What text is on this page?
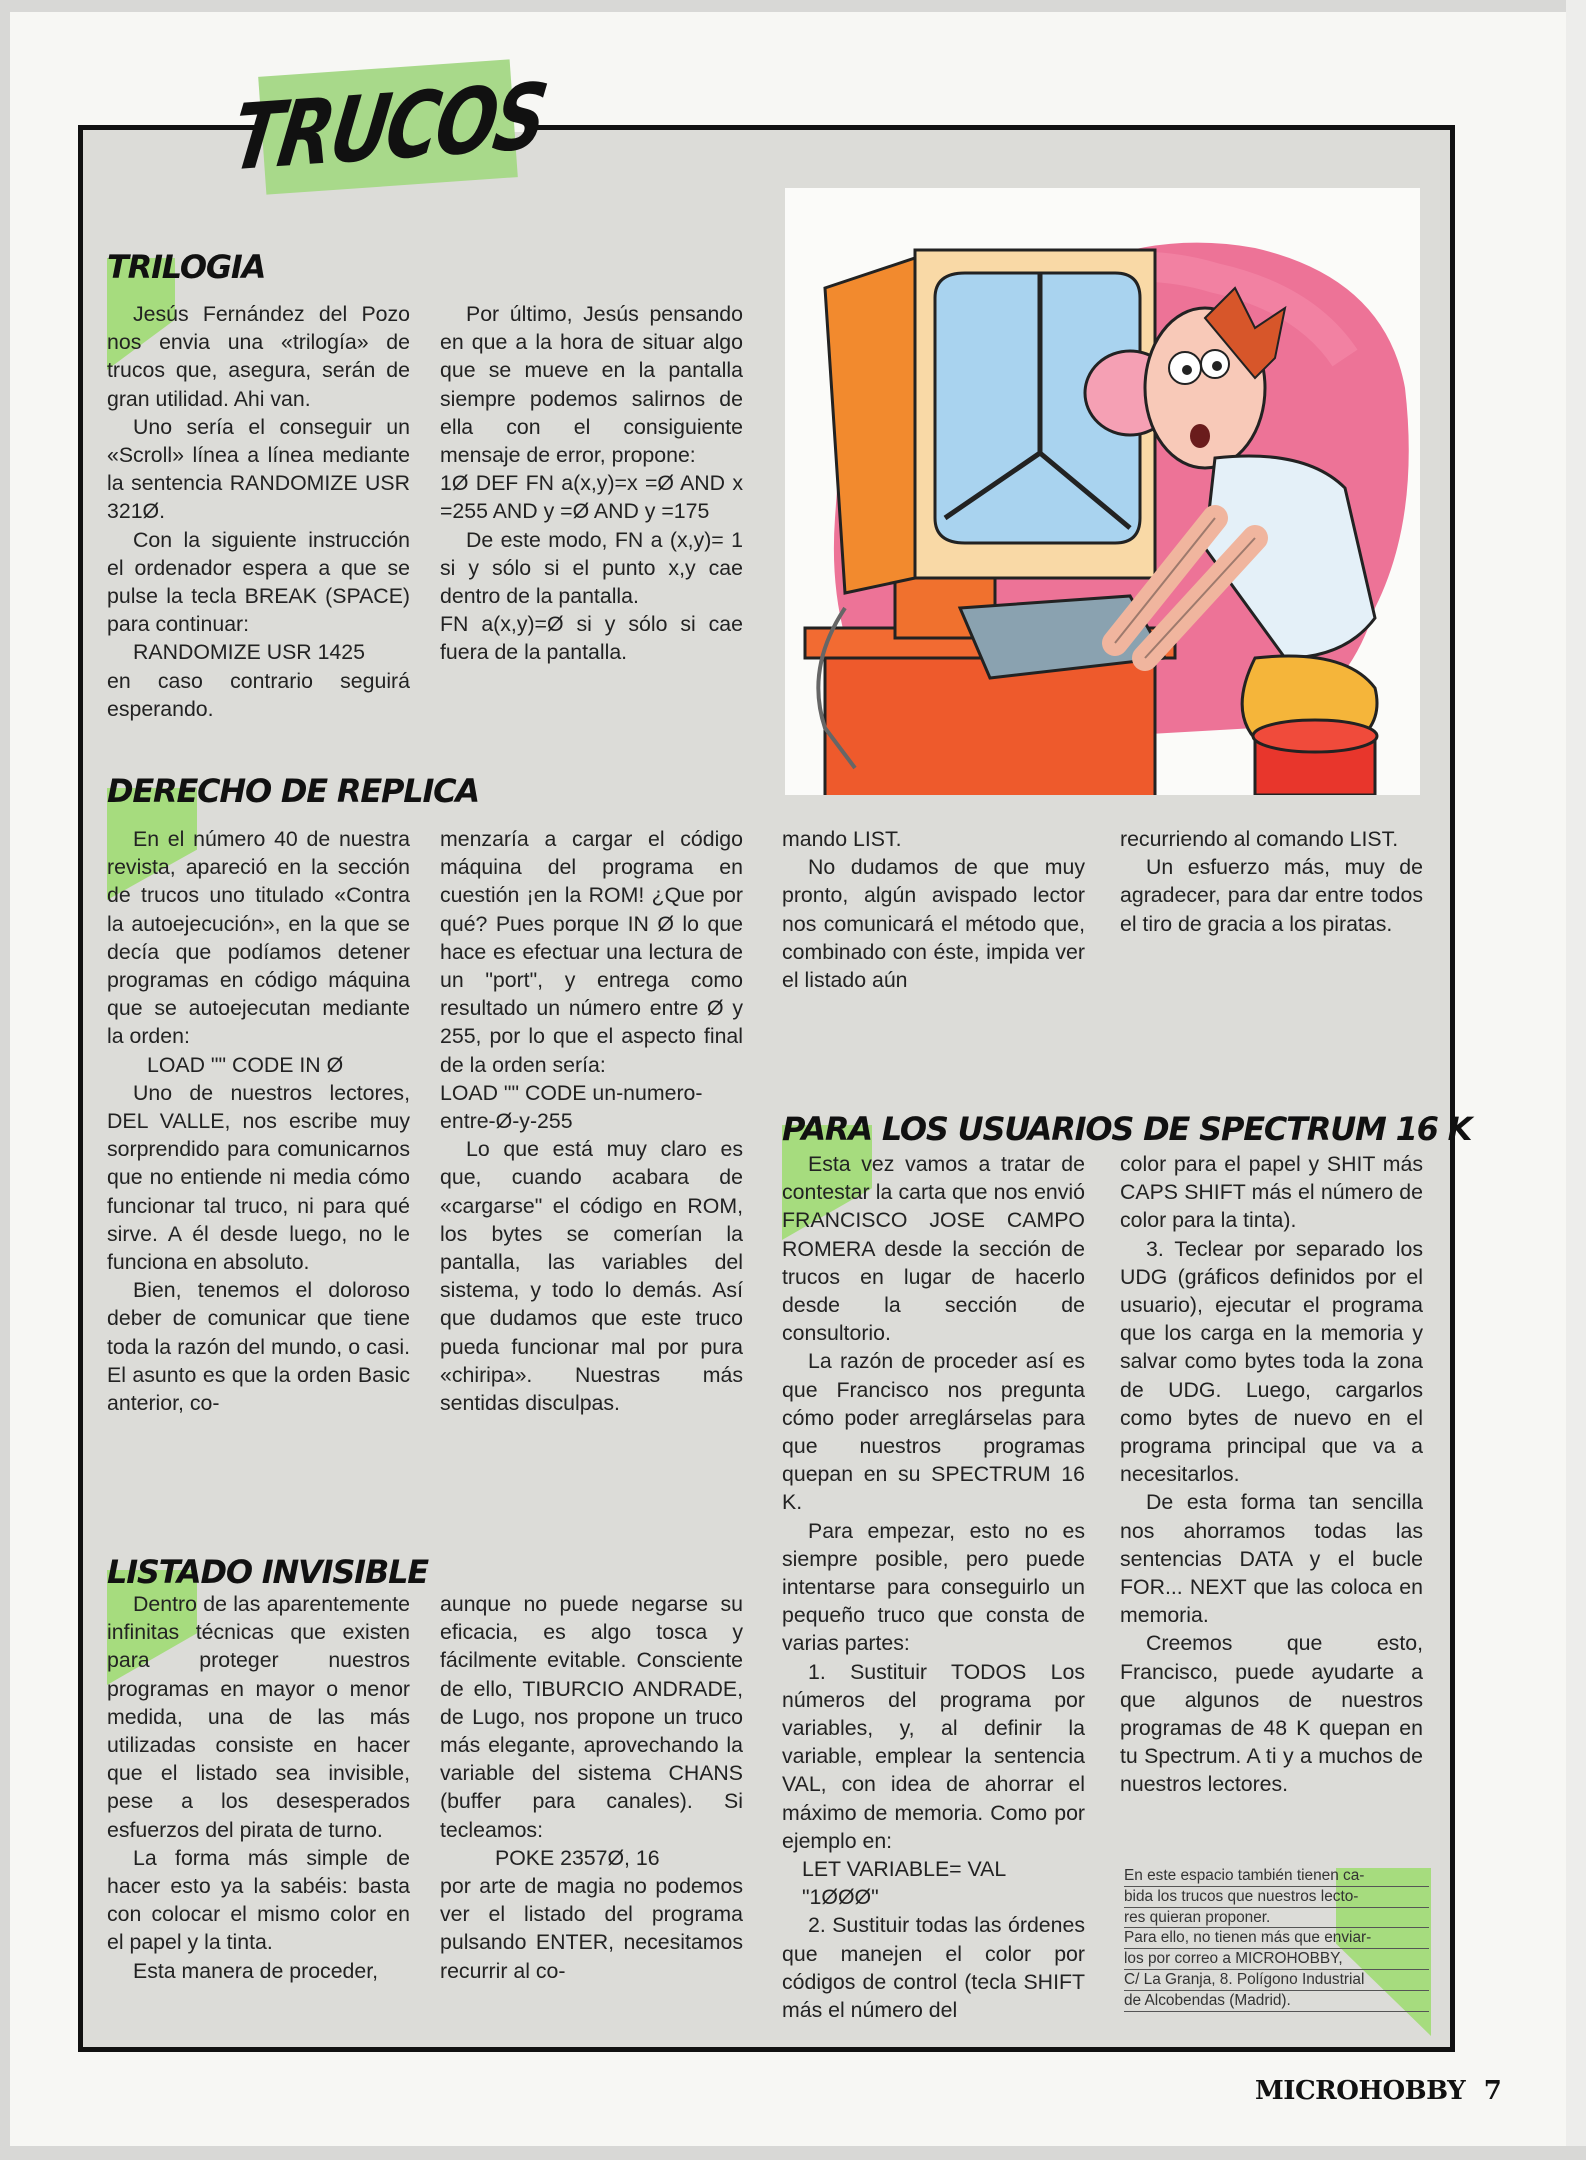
TRUCOS
TRILOGIA

Jesús Fernández del Pozo nos envia una «trilogía» de trucos que, asegura, serán de gran utilidad. Ahi van.

Uno sería el conseguir un «Scroll» línea a línea mediante la sentencia RANDOMIZE USR 321Ø.

Con la siguiente instrucción el ordenador espera a que se pulse la tecla BREAK (SPACE) para continuar:

RANDOMIZE USR 1425

en caso contrario seguirá esperando.

Por último, Jesús pensando en que a la hora de situar algo que se mueve en la pantalla siempre podemos salirnos de ella con el consiguiente mensaje de error, propone:

1Ø DEF FN a(x,y)=x =Ø AND x =255 AND y =Ø AND y =175

De este modo, FN a (x,y)= 1 si y sólo si el punto x,y cae dentro de la pantalla.

FN a(x,y)=Ø si y sólo si cae fuera de la pantalla.

DERECHO DE REPLICA

En el número 40 de nuestra revista, apareció en la sección de trucos uno titulado «Contra la autoejecución», en la que se decía que podíamos detener programas en código máquina que se autoejecutan mediante la orden:

LOAD "" CODE IN Ø

Uno de nuestros lectores, DEL VALLE, nos escribe muy sorprendido para comunicarnos que no entiende ni media cómo funcionar tal truco, ni para qué sirve. A él desde luego, no le funciona en absoluto.

Bien, tenemos el doloroso deber de comunicar que tiene toda la razón del mundo, o casi. El asunto es que la orden Basic anterior, co-

menzaría a cargar el código máquina del programa en cuestión ¡en la ROM! ¿Que por qué? Pues porque IN Ø lo que hace es efectuar una lectura de un "port", y entrega como resultado un número entre Ø y 255, por lo que el aspecto final de la orden sería:

LOAD "" CODE un-numero-entre-Ø-y-255

Lo que está muy claro es que, cuando acabara de «cargarse" el código en ROM, los bytes se comerían la pantalla, las variables del sistema, y todo lo demás. Así que dudamos que este truco pueda funcionar mal por pura «chiripa». Nuestras más sentidas disculpas.

mando LIST.

No dudamos de que muy pronto, algún avispado lector nos comunicará el método que, combinado con éste, impida ver el listado aún

recurriendo al comando LIST.

Un esfuerzo más, muy de agradecer, para dar entre todos el tiro de gracia a los piratas.

PARA LOS USUARIOS DE SPECTRUM 16 K

Esta vez vamos a tratar de contestar la carta que nos envió FRANCISCO JOSE CAMPO ROMERA desde la sección de trucos en lugar de hacerlo desde la sección de consultorio.

La razón de proceder así es que Francisco nos pregunta cómo poder arreglárselas para que nuestros programas quepan en su SPECTRUM 16 K.

Para empezar, esto no es siempre posible, pero puede intentarse para conseguirlo un pequeño truco que consta de varias partes:

1. Sustituir TODOS Los números del programa por variables, y, al definir la variable, emplear la sentencia VAL, con idea de ahorrar el máximo de memoria. Como por ejemplo en:

LET VARIABLE= VAL "1ØØØ"

2. Sustituir todas las órdenes que manejen el color por códigos de control (tecla SHIFT más el número del

color para el papel y SHIT más CAPS SHIFT más el número de color para la tinta).

3. Teclear por separado los UDG (gráficos definidos por el usuario), ejecutar el programa que los carga en la memoria y salvar como bytes toda la zona de UDG. Luego, cargarlos como bytes de nuevo en el programa principal que va a necesitarlos.

De esta forma tan sencilla nos ahorramos todas las sentencias DATA y el bucle FOR... NEXT que las coloca en memoria.

Creemos que esto, Francisco, puede ayudarte a que algunos de nuestros programas de 48 K quepan en tu Spectrum. A ti y a muchos de nuestros lectores.

LISTADO INVISIBLE

Dentro de las aparentemente infinitas técnicas que existen para proteger nuestros programas en mayor o menor medida, una de las más utilizadas consiste en hacer que el listado sea invisible, pese a los desesperados esfuerzos del pirata de turno.

La forma más simple de hacer esto ya la sabéis: basta con colocar el mismo color en el papel y la tinta.

Esta manera de proceder,

aunque no puede negarse su eficacia, es algo tosca y fácilmente evitable. Consciente de ello, TIBURCIO ANDRADE, de Lugo, nos propone un truco más elegante, aprovechando la variable del sistema CHANS (buffer para canales). Si tecleamos:

POKE 2357Ø, 16

por arte de magia no podemos ver el listado del programa pulsando ENTER, necesitamos recurrir al co-

En este espacio también tienen ca-
bida los trucos que nuestros lecto-
res quieran proponer.
Para ello, no tienen más que enviar-
los por correo a MICROHOBBY,
C/ La Granja, 8. Polígono Industrial
de Alcobendas (Madrid).
MICROHOBBY 7
